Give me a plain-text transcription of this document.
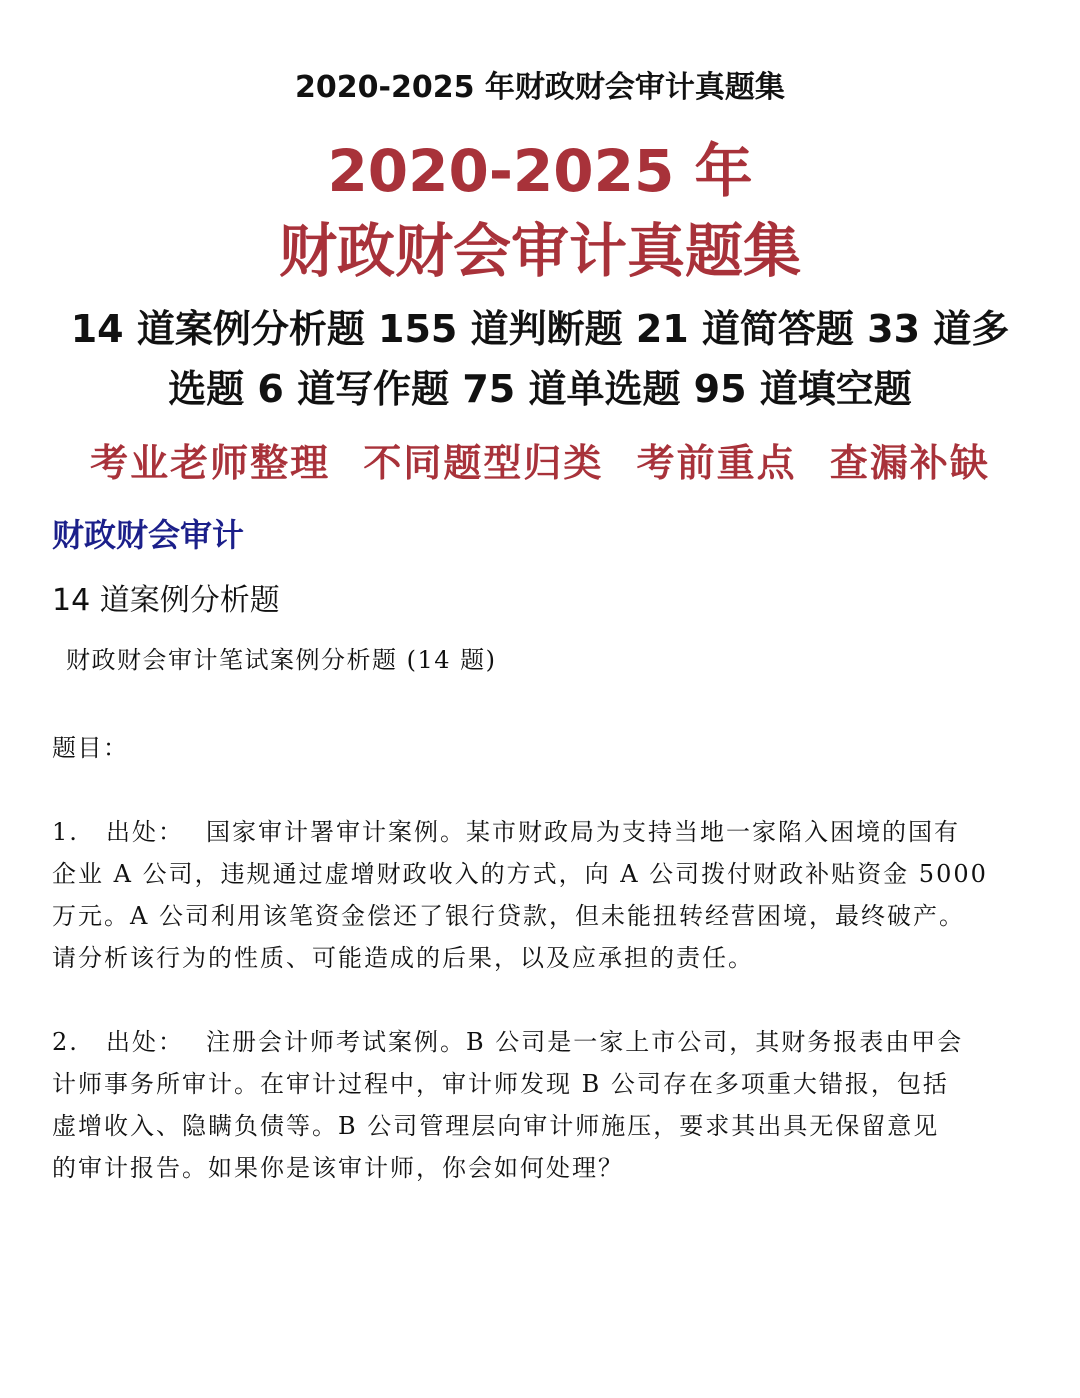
2020-2025 年财政财会审计真题集
2020-2025 年
财政财会审计真题集
14 道案例分析题 155 道判断题 21 道简答题 33 道多
选题 6 道写作题 75 道单选题 95 道填空题
考业老师整理 不同题型归类 考前重点 查漏补缺
财政财会审计
14 道案例分析题
财政财会审计笔试案例分析题 (14 题)
题目：
1. 出处： 国家审计署审计案例。某市财政局为支持当地一家陷入困境的国有
企业 A 公司，违规通过虚增财政收入的方式，向 A 公司拨付财政补贴资金 5000
万元。A 公司利用该笔资金偿还了银行贷款，但未能扭转经营困境，最终破产。
请分析该行为的性质、可能造成的后果，以及应承担的责任。
2. 出处： 注册会计师考试案例。B 公司是一家上市公司，其财务报表由甲会
计师事务所审计。在审计过程中，审计师发现 B 公司存在多项重大错报，包括
虚增收入、隐瞒负债等。B 公司管理层向审计师施压，要求其出具无保留意见
的审计报告。如果你是该审计师，你会如何处理？
